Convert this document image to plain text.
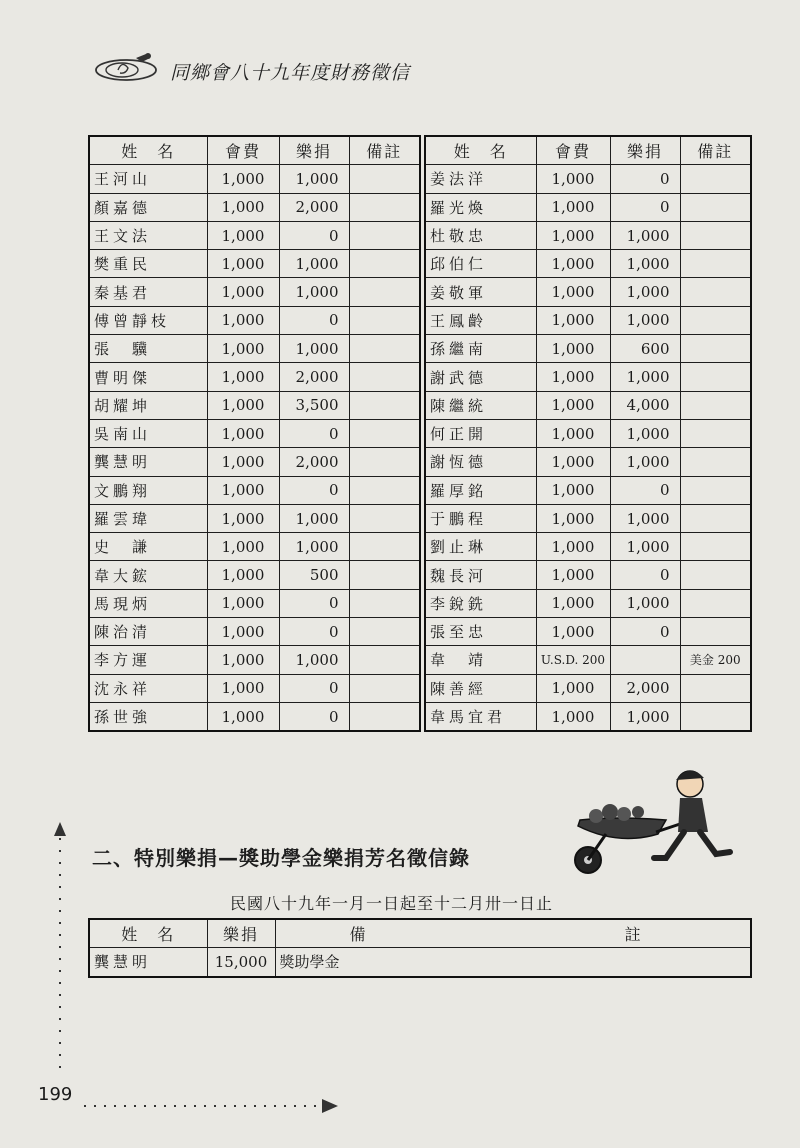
同鄉會八十九年度財務徵信
姓　名	會費	樂捐	備註
王河山	1,000	1,000	
顏嘉德	1,000	2,000	
王文法	1,000	0	
樊重民	1,000	1,000	
秦基君	1,000	1,000	
傅曾靜枝	1,000	0	
張　驥	1,000	1,000	
曹明傑	1,000	2,000	
胡耀坤	1,000	3,500	
吳南山	1,000	0	
龔慧明	1,000	2,000	
文鵬翔	1,000	0	
羅雲瑋	1,000	1,000	
史　謙	1,000	1,000	
韋大鋐	1,000	500	
馬現炳	1,000	0	
陳治清	1,000	0	
李方運	1,000	1,000	
沈永祥	1,000	0	
孫世強	1,000	0	
姓　名	會費	樂捐	備註
姜法洋	1,000	0	
羅光煥	1,000	0	
杜敬忠	1,000	1,000	
邱伯仁	1,000	1,000	
姜敬軍	1,000	1,000	
王鳳齡	1,000	1,000	
孫繼南	1,000	600	
謝武德	1,000	1,000	
陳繼統	1,000	4,000	
何正開	1,000	1,000	
謝恆德	1,000	1,000	
羅厚銘	1,000	0	
于鵬程	1,000	1,000	
劉止琳	1,000	1,000	
魏長河	1,000	0	
李銳銑	1,000	1,000	
張至忠	1,000	0	
韋　靖	U.S.D. 200		美金 200
陳善經	1,000	2,000	
韋馬宜君	1,000	1,000	
二、特別樂捐—獎助學金樂捐芳名徵信錄
民國八十九年一月一日起至十二月卅一日止
姓　名	樂捐	備 註
龔慧明	15,000	獎助學金
199
